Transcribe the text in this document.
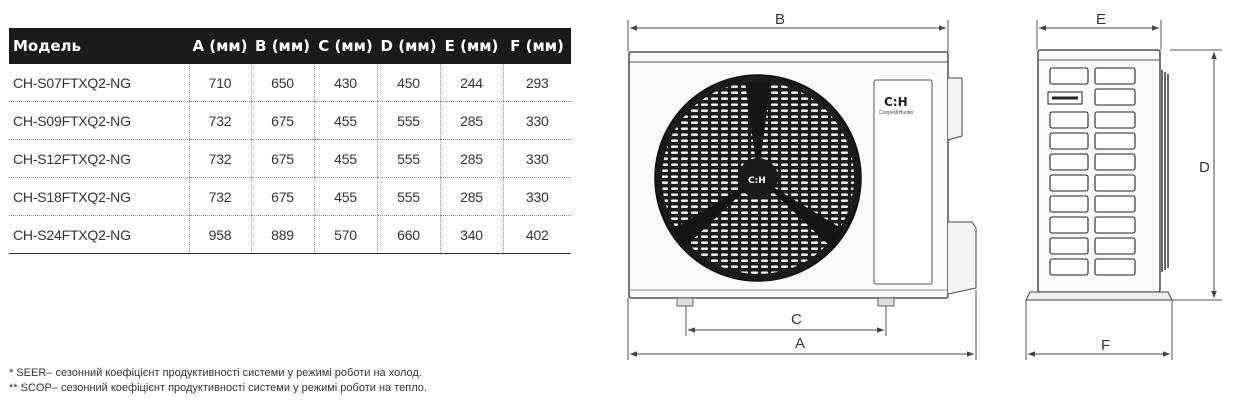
Модель	A (мм)	B (мм)	C (мм)	D (мм)	E (мм)	F (мм)
CH-S07FTXQ2-NG	710	650	430	450	244	293
CH-S09FTXQ2-NG	732	675	455	555	285	330
CH-S12FTXQ2-NG	732	675	455	555	285	330
CH-S18FTXQ2-NG	732	675	455	555	285	330
CH-S24FTXQ2-NG	958	889	570	660	340	402
* SEER– сезонний коефіцієнт продуктивності системи у режимі роботи на холод.
** SCOP– сезонний коефіцієнт продуктивності системи у режимі роботи на тепло.
B
C:H
C:H
Cooper&Hunter
C
A
E
D
F
